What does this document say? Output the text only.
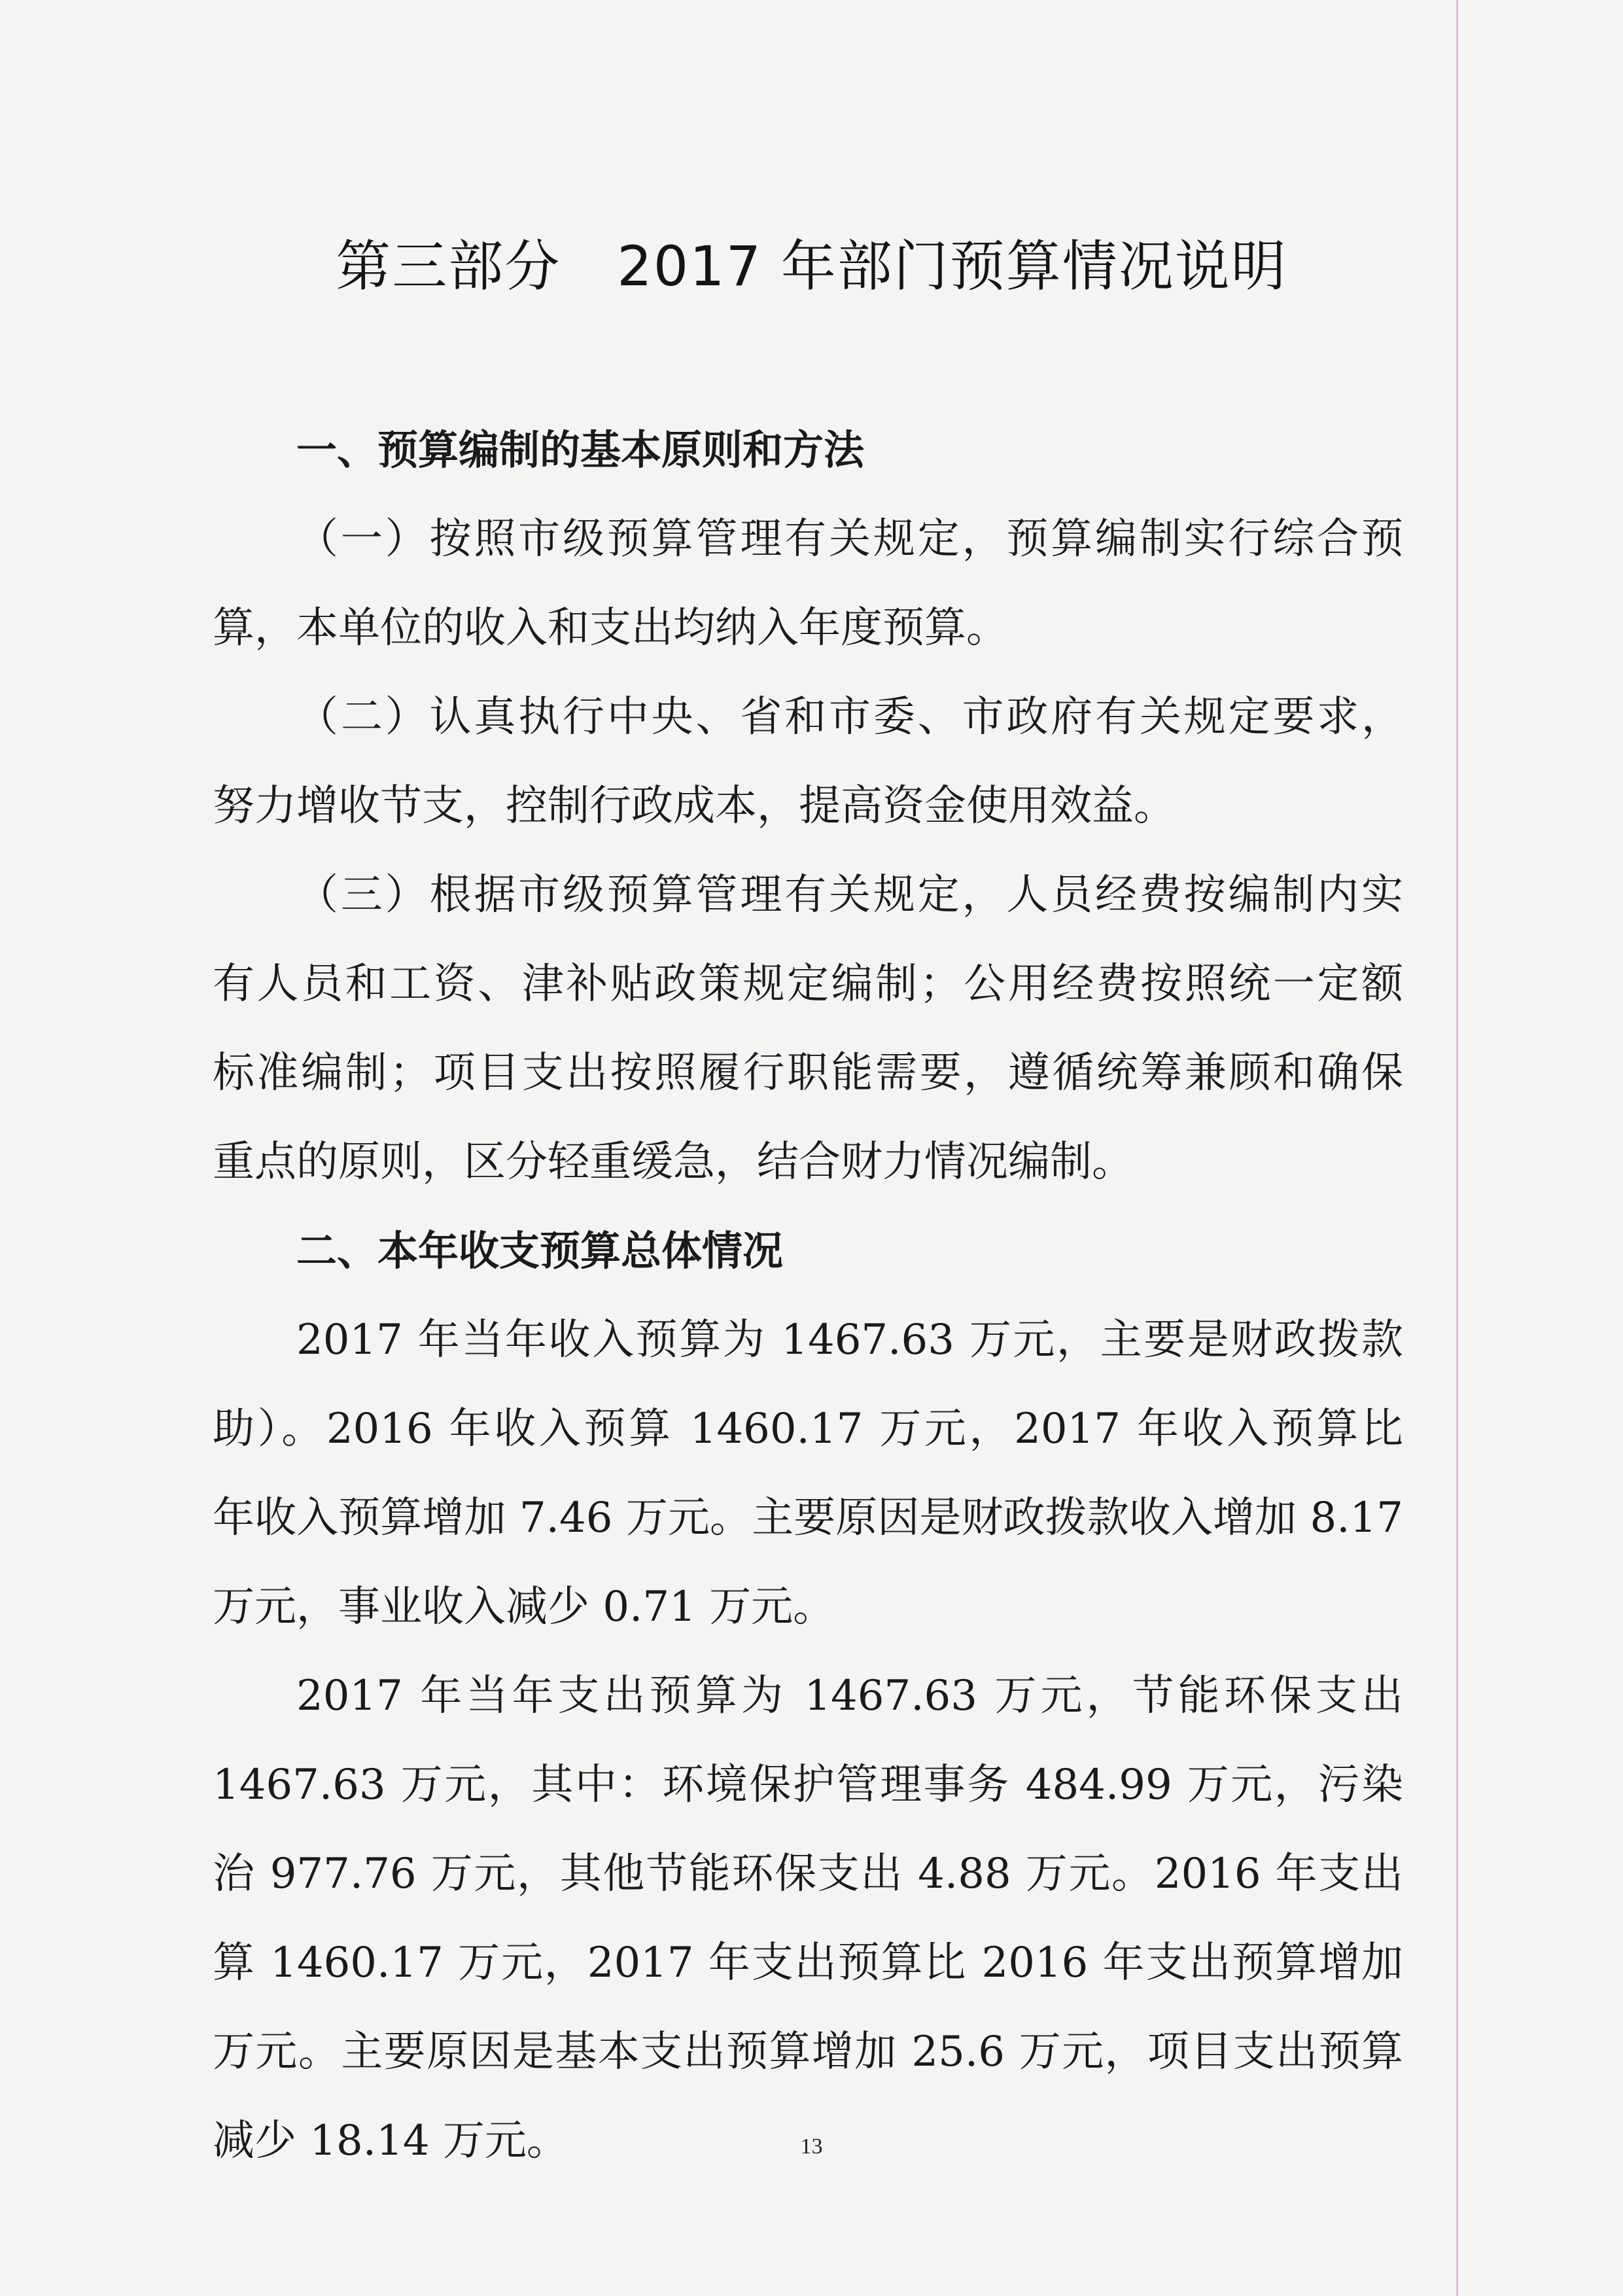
第三部分　2017 年部门预算情况说明
一、预算编制的基本原则和方法
（一）按照市级预算管理有关规定，预算编制实行综合预
算，本单位的收入和支出均纳入年度预算。
（二）认真执行中央、省和市委、市政府有关规定要求，
努力增收节支，控制行政成本，提高资金使用效益。
（三）根据市级预算管理有关规定，人员经费按编制内实
有人员和工资、津补贴政策规定编制；公用经费按照统一定额
标准编制；项目支出按照履行职能需要，遵循统筹兼顾和确保
重点的原则，区分轻重缓急，结合财力情况编制。
二、本年收支预算总体情况
2017 年当年收入预算为 1467.63 万元，主要是财政拨款
助）。2016 年收入预算 1460.17 万元，2017 年收入预算比
年收入预算增加 7.46 万元。主要原因是财政拨款收入增加 8.17
万元，事业收入减少 0.71 万元。
2017 年当年支出预算为 1467.63 万元，节能环保支出
1467.63 万元，其中：环境保护管理事务 484.99 万元，污染
治 977.76 万元，其他节能环保支出 4.88 万元。2016 年支出
算 1460.17 万元，2017 年支出预算比 2016 年支出预算增加
万元。主要原因是基本支出预算增加 25.6 万元，项目支出预算
减少 18.14 万元。	13
